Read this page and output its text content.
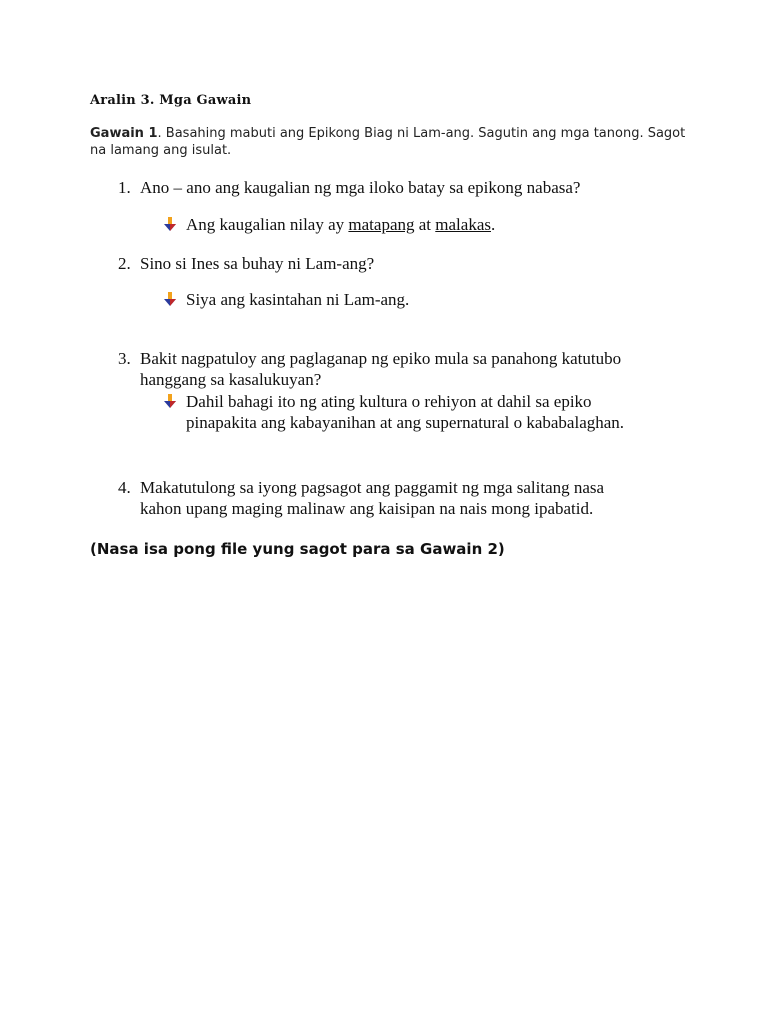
Aralin 3. Mga Gawain
Gawain 1. Basahing mabuti ang Epikong Biag ni Lam-ang. Sagutin ang mga tanong. Sagot na lamang ang isulat.
1. Ano – ano ang kaugalian ng mga iloko batay sa epikong nabasa?
Ang kaugalian nilay ay matapang at malakas.
2. Sino si Ines sa buhay ni Lam-ang?
Siya ang kasintahan ni Lam-ang.
3. Bakit nagpatuloy ang paglaganap ng epiko mula sa panahong katutubo hanggang sa kasalukuyan?
Dahil bahagi ito ng ating kultura o rehiyon at dahil sa epiko pinapakita ang kabayanihan at ang supernatural o kababalaghan.
4. Makatutulong sa iyong pagsagot ang paggamit ng mga salitang nasa kahon upang maging malinaw ang kaisipan na nais mong ipabatid.
(Nasa isa pong file yung sagot para sa Gawain 2)
